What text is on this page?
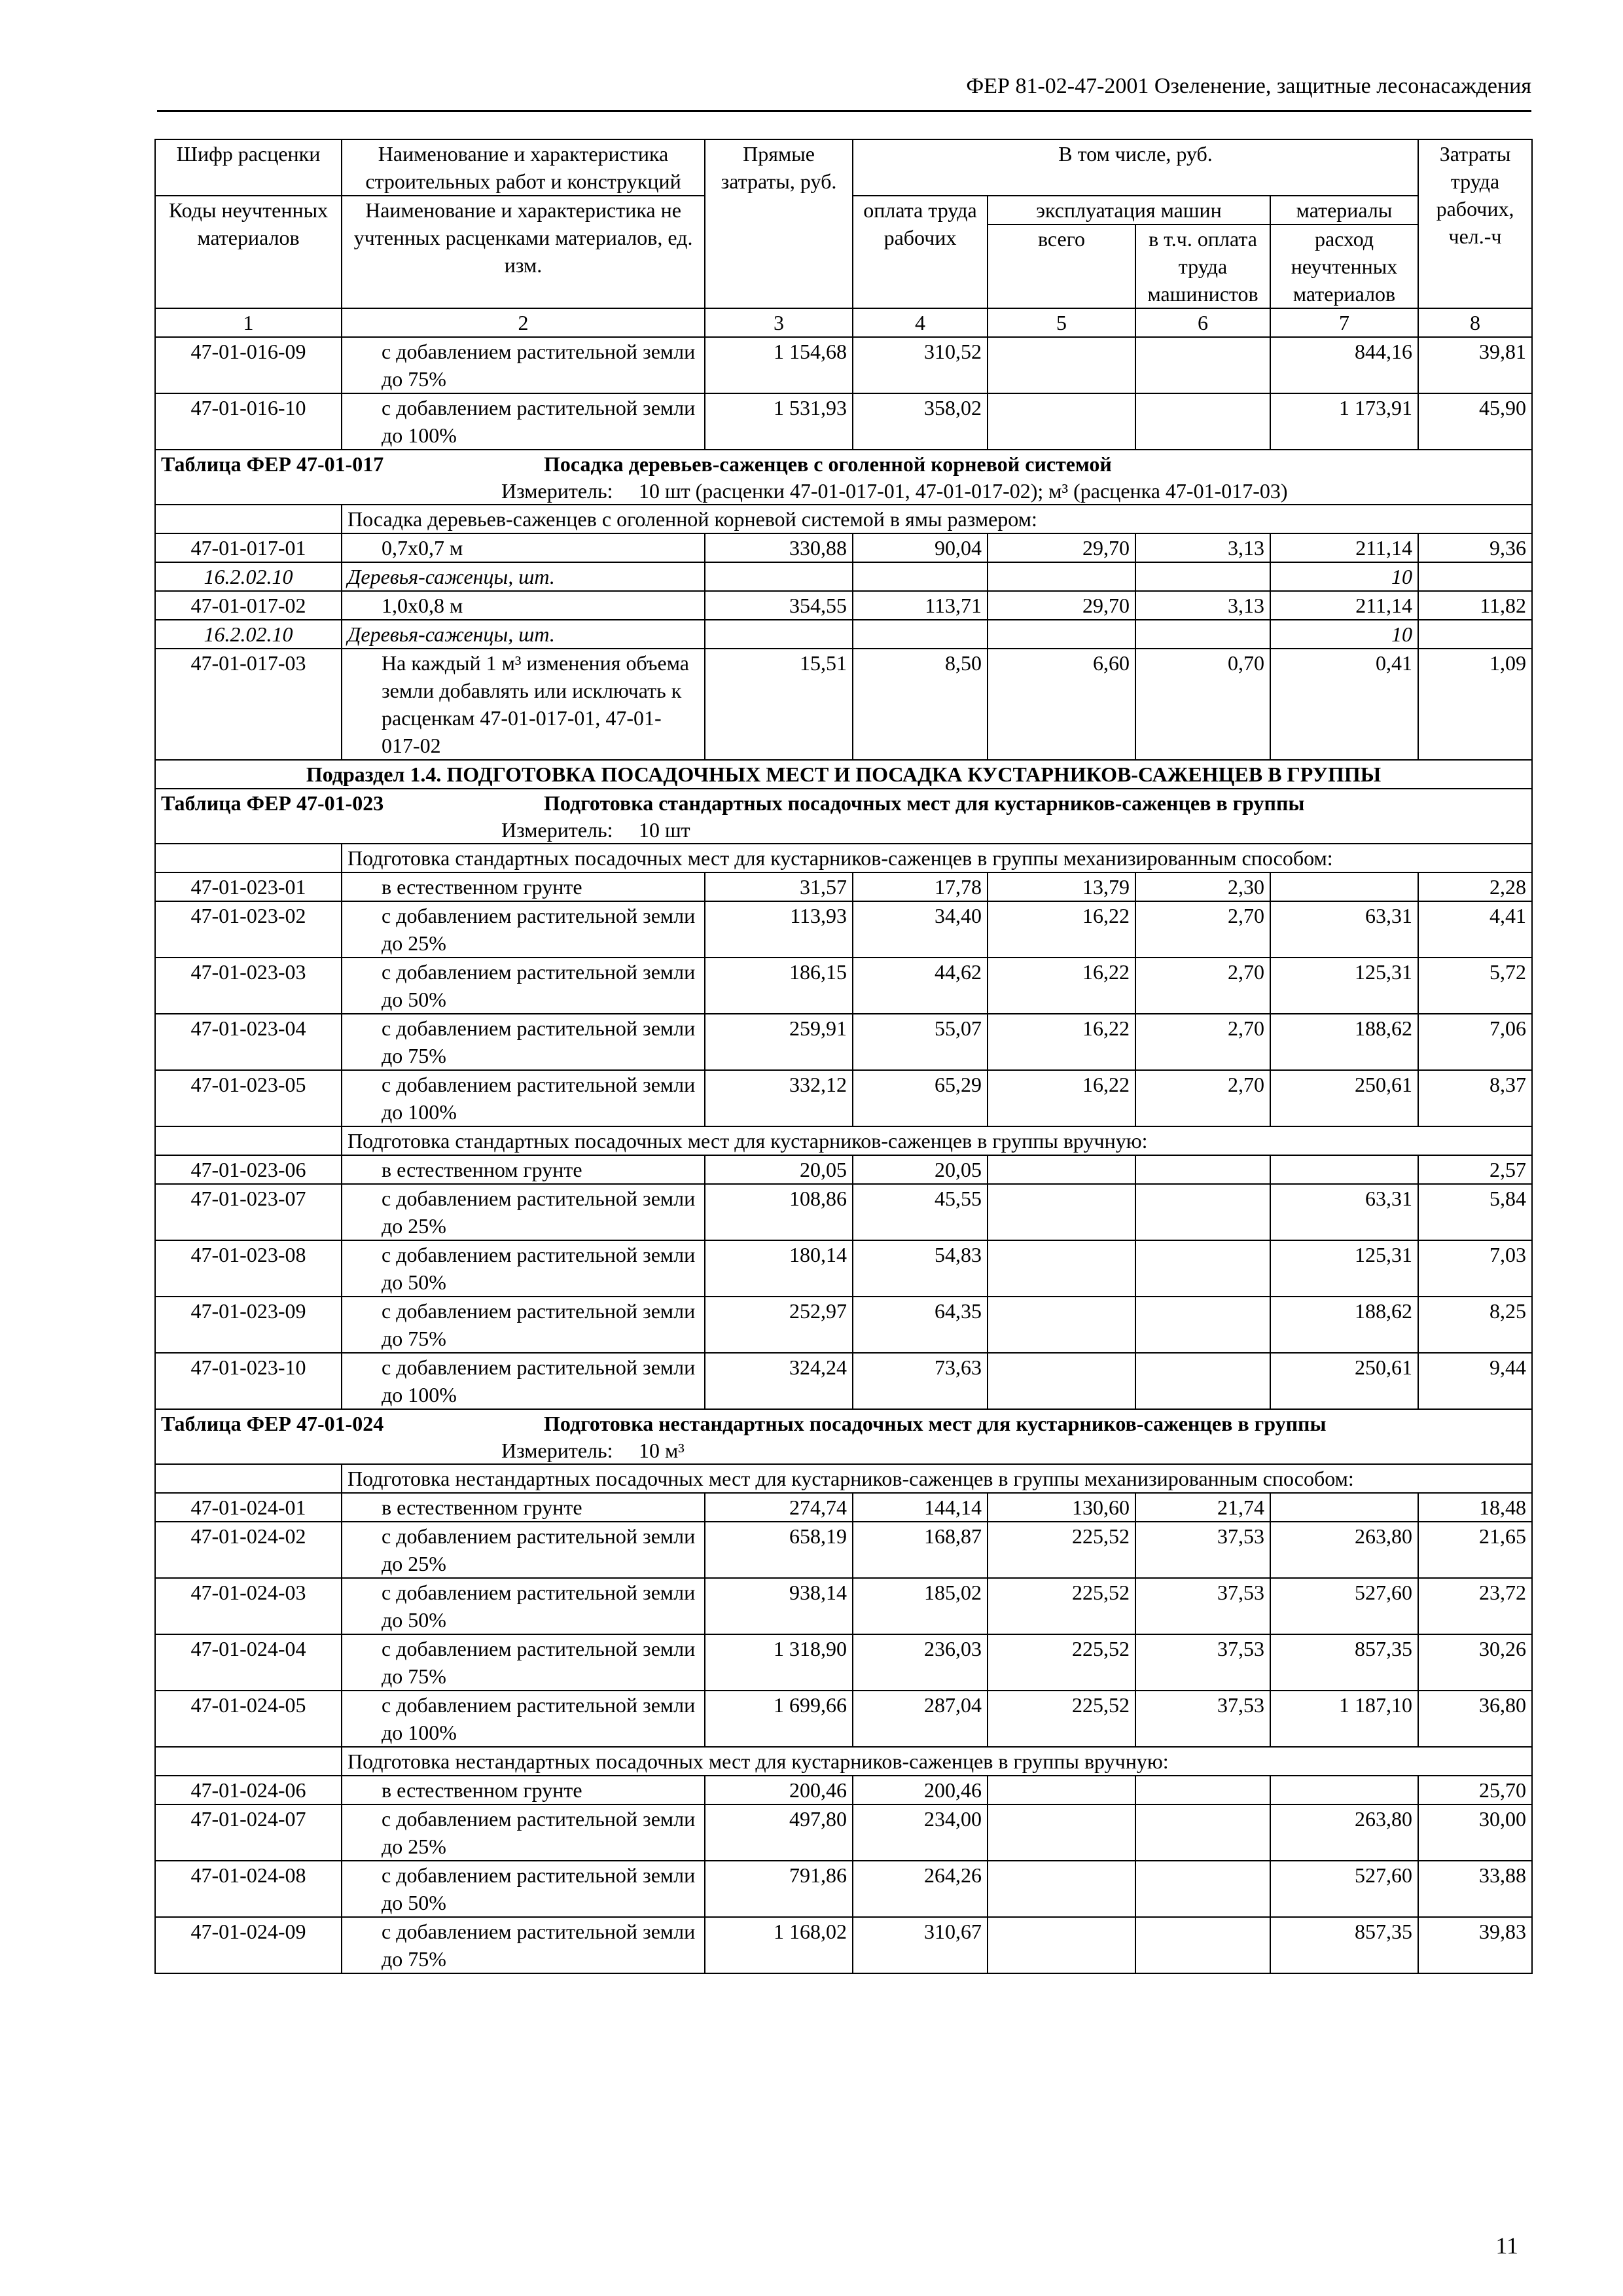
ФЕР 81-02-47-2001 Озеленение, защитные лесонасаждения
Шифр расценки	Наименование и характеристика строительных работ и конструкций	Прямые затраты, руб.	В том числе, руб.				Затраты труда рабочих, чел.-ч
Коды неучтенных материалов	Наименование и характеристика не учтенных расценками материалов, ед. изм.		оплата труда рабочих	эксплуатация машин		материалы	
				всего	в т.ч. оплата труда машинистов	расход неучтенных материалов	
1	2	3	4	5	6	7	8
47-01-016-09	с добавлением растительной земли до 75%	1 154,68	310,52			844,16	39,81
47-01-016-10	с добавлением растительной земли до 100%	1 531,93	358,02			1 173,91	45,90
Таблица ФЕР 47-01-017 Посадка деревьев-саженцев с оголенной корневой системой
Измеритель: 10 шт (расценки 47-01-017-01, 47-01-017-02); м³ (расценка 47-01-017-03)							

	Посадка деревьев-саженцев с оголенной корневой системой в ямы размером:						
47-01-017-01	0,7х0,7 м	330,88	90,04	29,70	3,13	211,14	9,36
16.2.02.10	Деревья-саженцы, шт.					10	
47-01-017-02	1,0х0,8 м	354,55	113,71	29,70	3,13	211,14	11,82
16.2.02.10	Деревья-саженцы, шт.					10	
47-01-017-03	На каждый 1 м³ изменения объема земли добавлять или исключать к расценкам 47-01-017-01, 47-01-017-02	15,51	8,50	6,60	0,70	0,41	1,09
Подраздел 1.4. ПОДГОТОВКА ПОСАДОЧНЫХ МЕСТ И ПОСАДКА КУСТАРНИКОВ-САЖЕНЦЕВ В ГРУППЫ							
Таблица ФЕР 47-01-023 Подготовка стандартных посадочных мест для кустарников-саженцев в группы
Измеритель: 10 шт							

	Подготовка стандартных посадочных мест для кустарников-саженцев в группы механизированным способом:						
47-01-023-01	в естественном грунте	31,57	17,78	13,79	2,30		2,28
47-01-023-02	с добавлением растительной земли до 25%	113,93	34,40	16,22	2,70	63,31	4,41
47-01-023-03	с добавлением растительной земли до 50%	186,15	44,62	16,22	2,70	125,31	5,72
47-01-023-04	с добавлением растительной земли до 75%	259,91	55,07	16,22	2,70	188,62	7,06
47-01-023-05	с добавлением растительной земли до 100%	332,12	65,29	16,22	2,70	250,61	8,37
	Подготовка стандартных посадочных мест для кустарников-саженцев в группы вручную:						
47-01-023-06	в естественном грунте	20,05	20,05				2,57
47-01-023-07	с добавлением растительной земли до 25%	108,86	45,55			63,31	5,84
47-01-023-08	с добавлением растительной земли до 50%	180,14	54,83			125,31	7,03
47-01-023-09	с добавлением растительной земли до 75%	252,97	64,35			188,62	8,25
47-01-023-10	с добавлением растительной земли до 100%	324,24	73,63			250,61	9,44
Таблица ФЕР 47-01-024 Подготовка нестандартных посадочных мест для кустарников-саженцев в группы
Измеритель: 10 м³							

	Подготовка нестандартных посадочных мест для кустарников-саженцев в группы механизированным способом:						
47-01-024-01	в естественном грунте	274,74	144,14	130,60	21,74		18,48
47-01-024-02	с добавлением растительной земли до 25%	658,19	168,87	225,52	37,53	263,80	21,65
47-01-024-03	с добавлением растительной земли до 50%	938,14	185,02	225,52	37,53	527,60	23,72
47-01-024-04	с добавлением растительной земли до 75%	1 318,90	236,03	225,52	37,53	857,35	30,26
47-01-024-05	с добавлением растительной земли до 100%	1 699,66	287,04	225,52	37,53	1 187,10	36,80
	Подготовка нестандартных посадочных мест для кустарников-саженцев в группы вручную:						
47-01-024-06	в естественном грунте	200,46	200,46				25,70
47-01-024-07	с добавлением растительной земли до 25%	497,80	234,00			263,80	30,00
47-01-024-08	с добавлением растительной земли до 50%	791,86	264,26			527,60	33,88
47-01-024-09	с добавлением растительной земли до 75%	1 168,02	310,67			857,35	39,83
11
